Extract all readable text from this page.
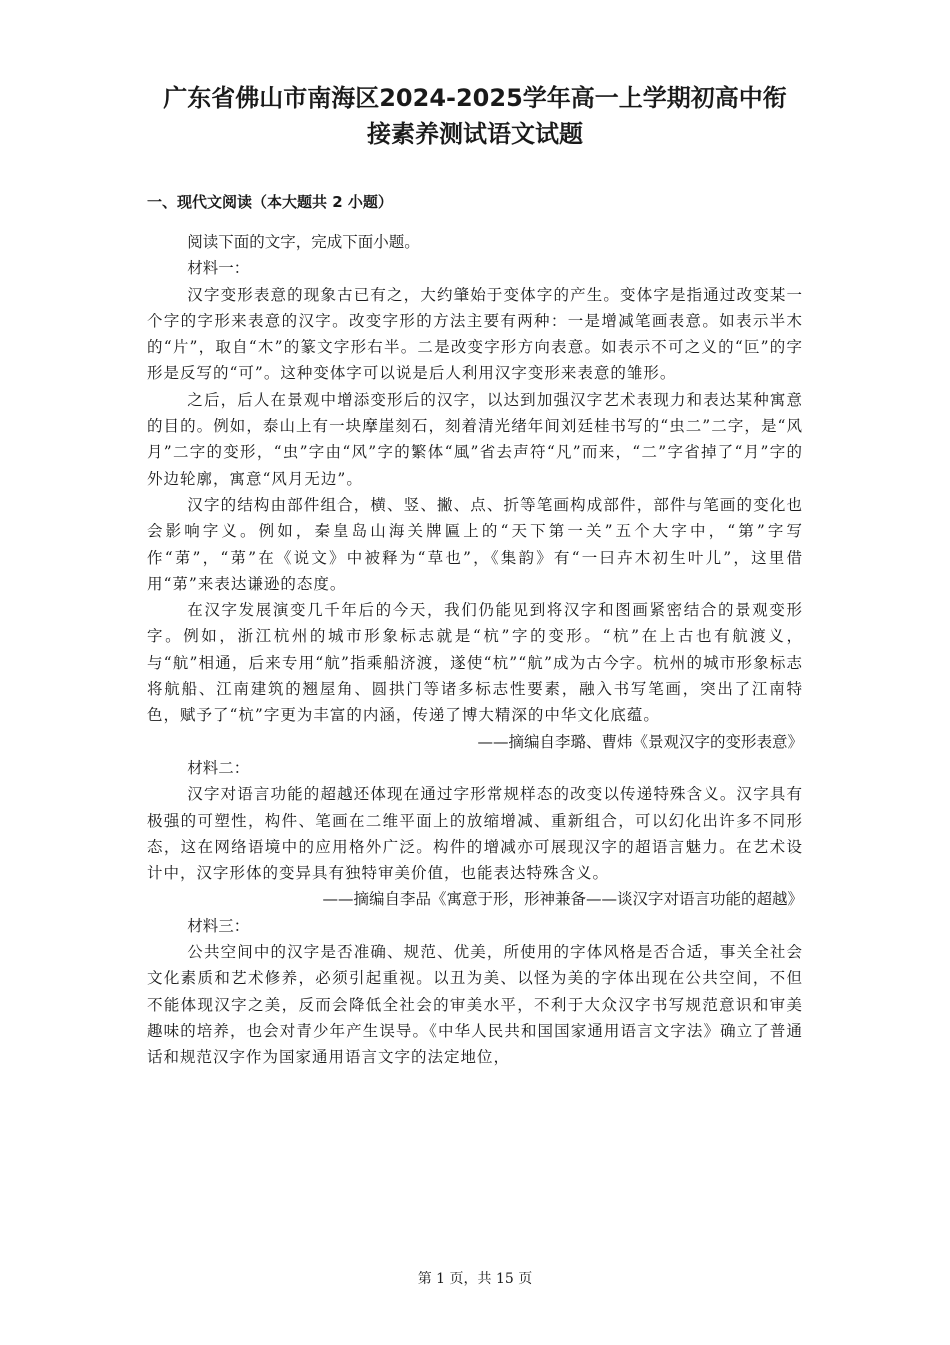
广东省佛山市南海区2024-2025学年高一上学期初高中衔
接素养测试语文试题
一、现代文阅读（本大题共 2 小题）

阅读下面的文字，完成下面小题。

材料一：

汉字变形表意的现象古已有之，大约肇始于变体字的产生。变体字是指通过改变某一个字的字形来表意的汉字。改变字形的方法主要有两种：一是增减笔画表意。如表示半木的“片”，取自“木”的篆文字形右半。二是改变字形方向表意。如表示不可之义的“叵”的字形是反写的“可”。这种变体字可以说是后人利用汉字变形来表意的雏形。

之后，后人在景观中增添变形后的汉字，以达到加强汉字艺术表现力和表达某种寓意的目的。例如，泰山上有一块摩崖刻石，刻着清光绪年间刘廷桂书写的“虫二”二字，是“风月”二字的变形，“虫”字由“风”字的繁体“風”省去声符“凡”而来，“二”字省掉了“月”字的外边轮廓，寓意“风月无边”。

汉字的结构由部件组合，横、竖、撇、点、折等笔画构成部件，部件与笔画的变化也会影响字义。例如，秦皇岛山海关牌匾上的“天下第一关”五个大字中，“第”字写作“苐”，“苐”在《说文》中被释为“草也”，《集韵》有“一曰卉木初生叶儿”，这里借用“苐”来表达谦逊的态度。

在汉字发展演变几千年后的今天，我们仍能见到将汉字和图画紧密结合的景观变形字。例如，浙江杭州的城市形象标志就是“杭”字的变形。“杭”在上古也有航渡义，与“航”相通，后来专用“航”指乘船济渡，遂使“杭”“航”成为古今字。杭州的城市形象标志将航船、江南建筑的翘屋角、圆拱门等诸多标志性要素，融入书写笔画，突出了江南特色，赋予了“杭”字更为丰富的内涵，传递了博大精深的中华文化底蕴。

——摘编自李璐、曹炜《景观汉字的变形表意》

材料二：

汉字对语言功能的超越还体现在通过字形常规样态的改变以传递特殊含义。汉字具有极强的可塑性，构件、笔画在二维平面上的放缩增减、重新组合，可以幻化出许多不同形态，这在网络语境中的应用格外广泛。构件的增减亦可展现汉字的超语言魅力。在艺术设计中，汉字形体的变异具有独特审美价值，也能表达特殊含义。

——摘编自李品《寓意于形，形神兼备——谈汉字对语言功能的超越》

材料三：

公共空间中的汉字是否准确、规范、优美，所使用的字体风格是否合适，事关全社会文化素质和艺术修养，必须引起重视。以丑为美、以怪为美的字体出现在公共空间，不但不能体现汉字之美，反而会降低全社会的审美水平，不利于大众汉字书写规范意识和审美趣味的培养，也会对青少年产生误导。《中华人民共和国国家通用语言文字法》确立了普通话和规范汉字作为国家通用语言文字的法定地位，

第 1 页，共 15 页
